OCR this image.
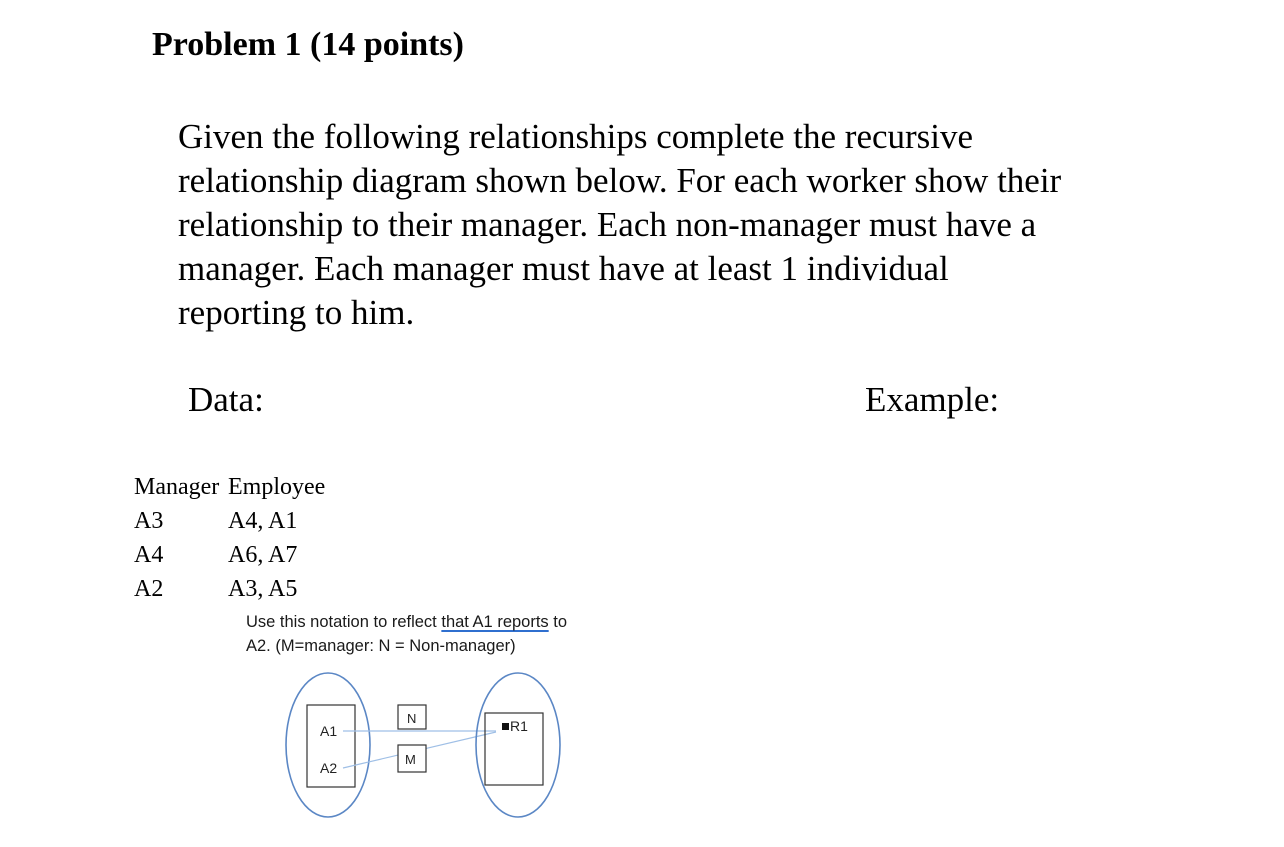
Problem 1 (14 points)
Given the following relationships complete the recursive
relationship diagram shown below. For each worker show their
relationship to their manager. Each non-manager must have a
manager. Each manager must have at least 1 individual
reporting to him.
Data:	Example:
Manager Employee
A3	A4, A1
A4	A6, A7
A2	A3, A5
Use this notation to reflect that A1 reports to
A2. (M=manager: N = Non-manager)
A1
A2
N
M
R1
